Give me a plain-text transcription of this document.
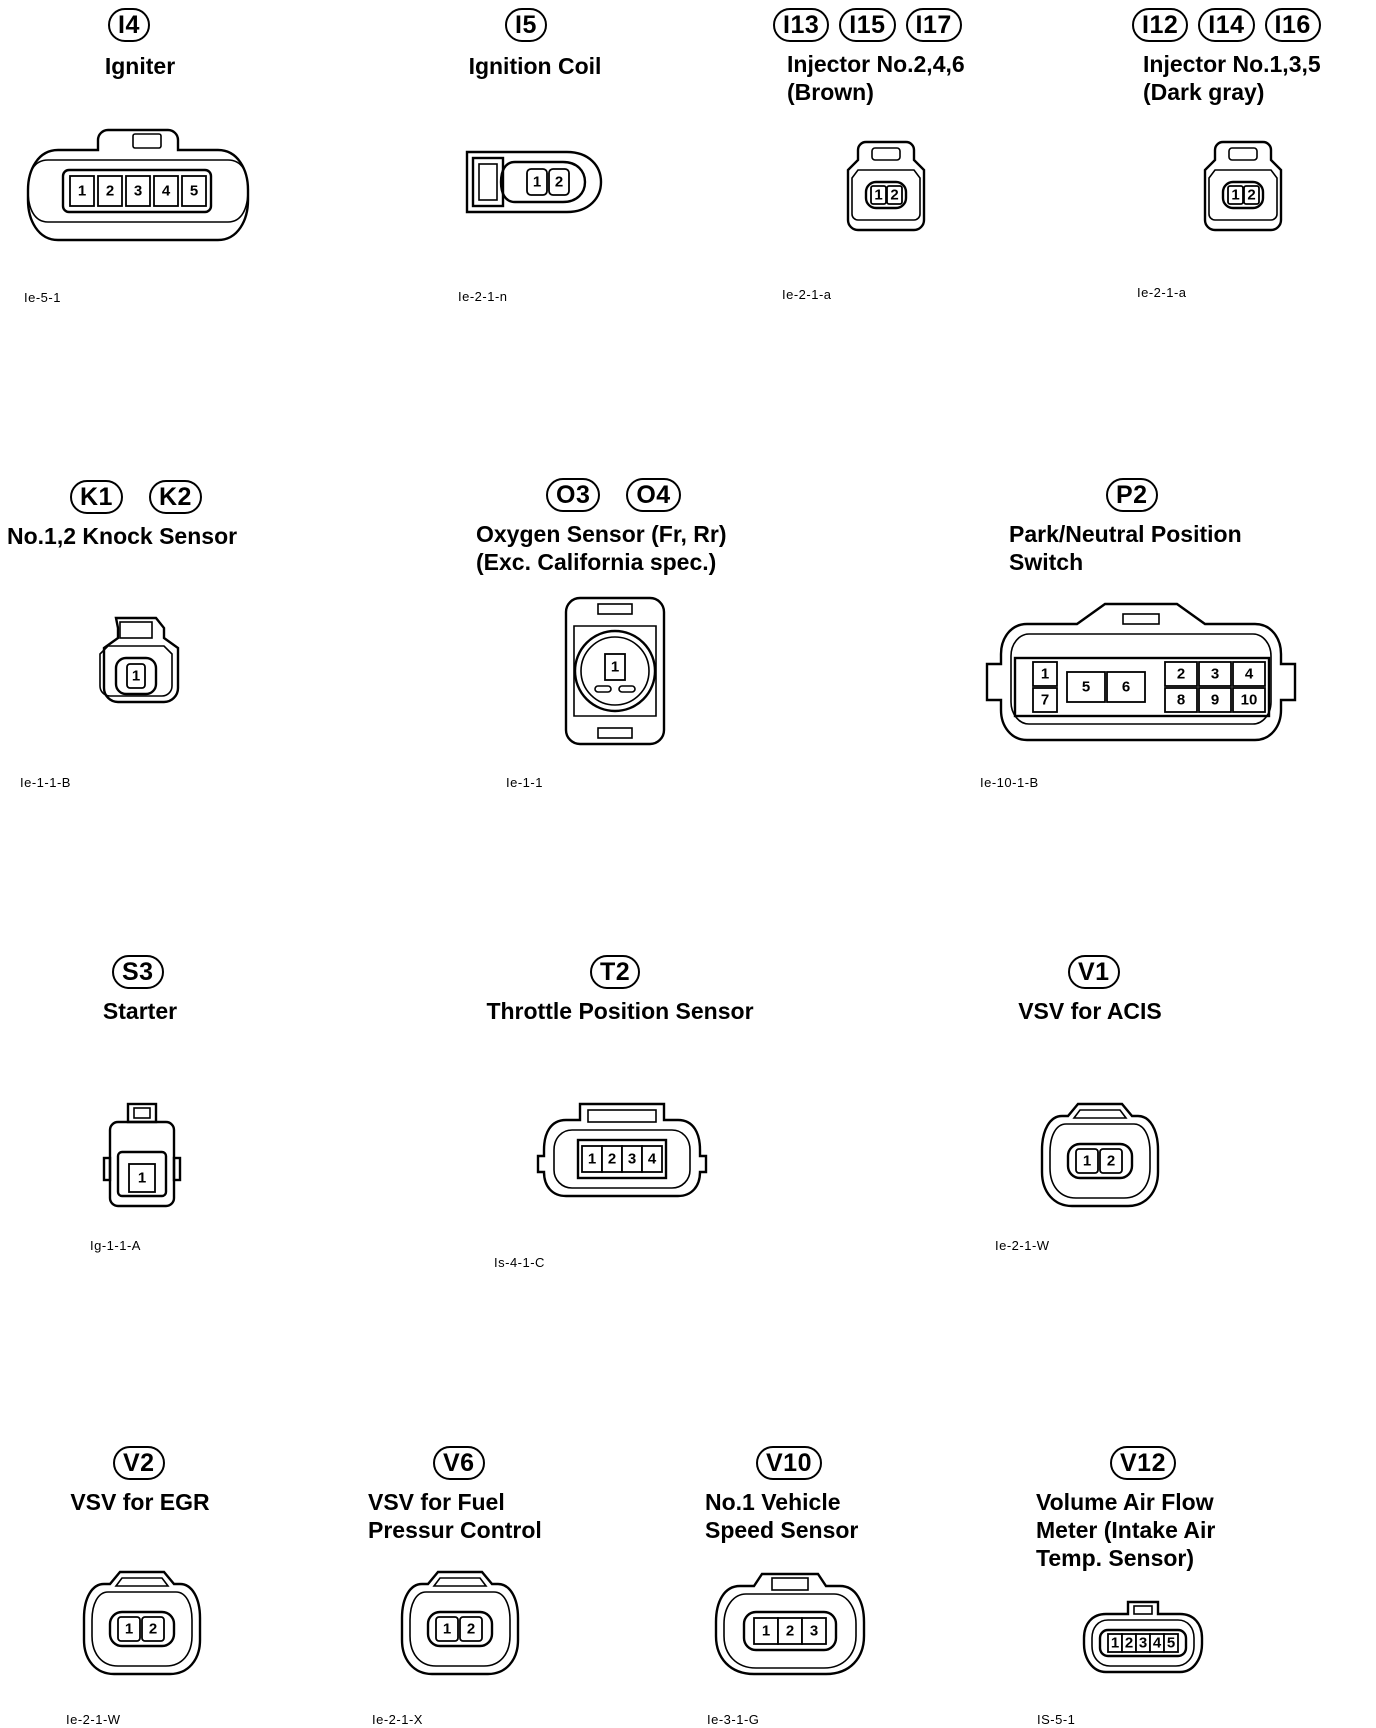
I4
Igniter
1 2 3 4 5
Ie-5-1
I5
Ignition Coil
1 2
Ie-2-1-n
I13	I15	I17
Injector No.2,4,6
(Brown)
1 2
Ie-2-1-a
I12	I14	I16
Injector No.1,3,5
(Dark gray)
1 2
Ie-2-1-a
K1	K2
No.1,2 Knock Sensor
1
Ie-1-1-B
O3	O4
Oxygen Sensor (Fr, Rr)
(Exc. California spec.)
1
Ie-1-1
P2
Park/Neutral Position
Switch
1
7
5 6
2 3 4
8 9 10
Ie-10-1-B
S3
Starter
1
Ig-1-1-A
T2
Throttle Position Sensor
1 2 3 4
Is-4-1-C
V1
VSV for ACIS
1 2
Ie-2-1-W
V2
VSV for EGR
1 2
Ie-2-1-W
V6
VSV for Fuel
Pressur Control
1 2
Ie-2-1-X
V10
No.1 Vehicle
Speed Sensor
1 2 3
Ie-3-1-G
V12
Volume Air Flow
Meter (Intake Air
Temp. Sensor)
1 2 3 4 5
IS-5-1
